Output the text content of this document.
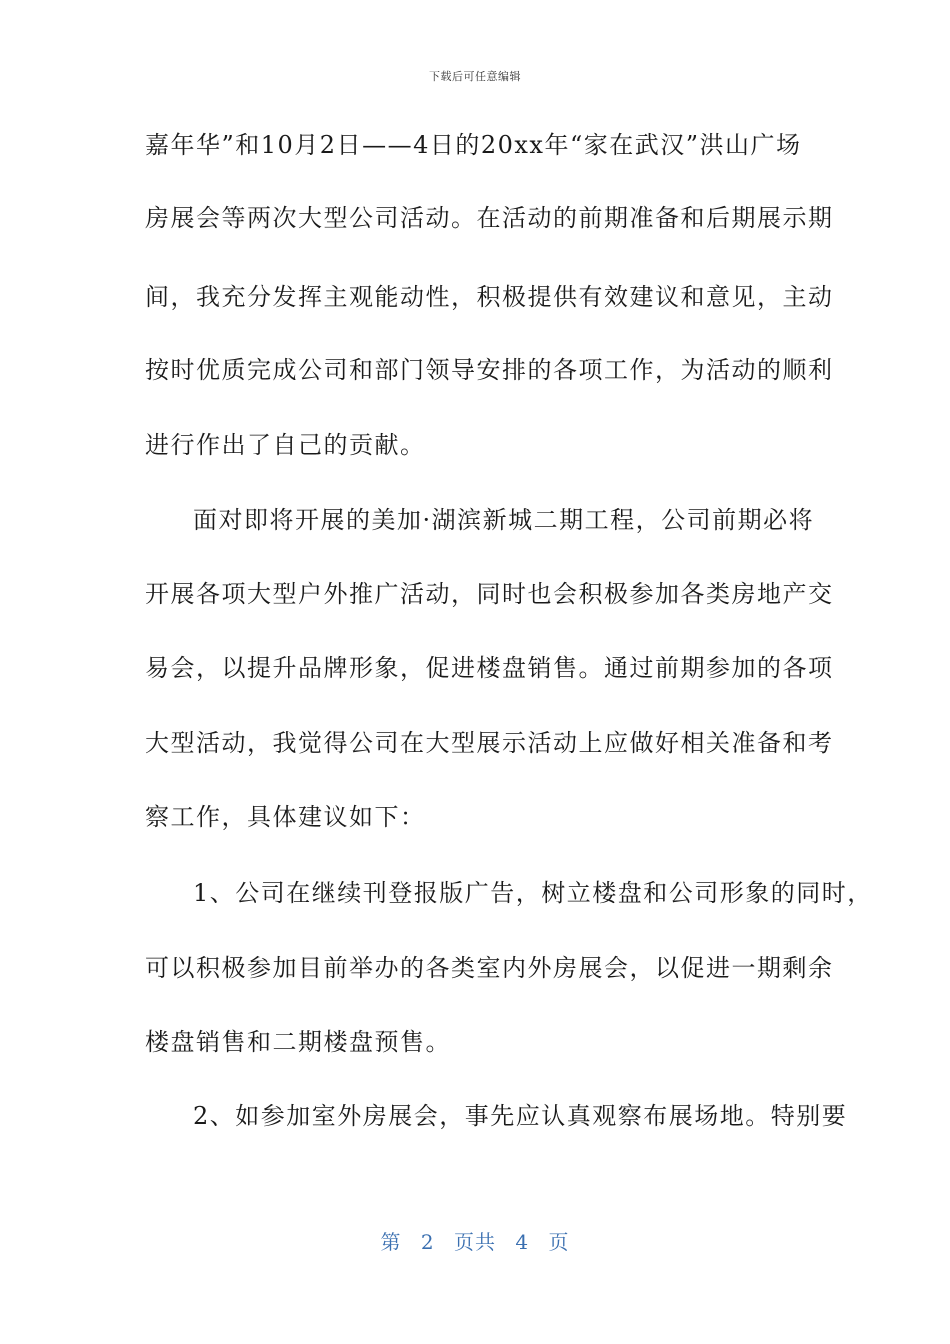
下载后可任意编辑
嘉年华”和10月2日——4日的20xx年“家在武汉”洪山广场
房展会等两次大型公司活动。在活动的前期准备和后期展示期
间，我充分发挥主观能动性，积极提供有效建议和意见，主动
按时优质完成公司和部门领导安排的各项工作，为活动的顺利
进行作出了自己的贡献。
面对即将开展的美加·湖滨新城二期工程，公司前期必将
开展各项大型户外推广活动，同时也会积极参加各类房地产交
易会，以提升品牌形象，促进楼盘销售。通过前期参加的各项
大型活动，我觉得公司在大型展示活动上应做好相关准备和考
察工作，具体建议如下：
1、公司在继续刊登报版广告，树立楼盘和公司形象的同时，
可以积极参加目前举办的各类室内外房展会，以促进一期剩余
楼盘销售和二期楼盘预售。
2、如参加室外房展会，事先应认真观察布展场地。特别要
第 2 页共 4 页
